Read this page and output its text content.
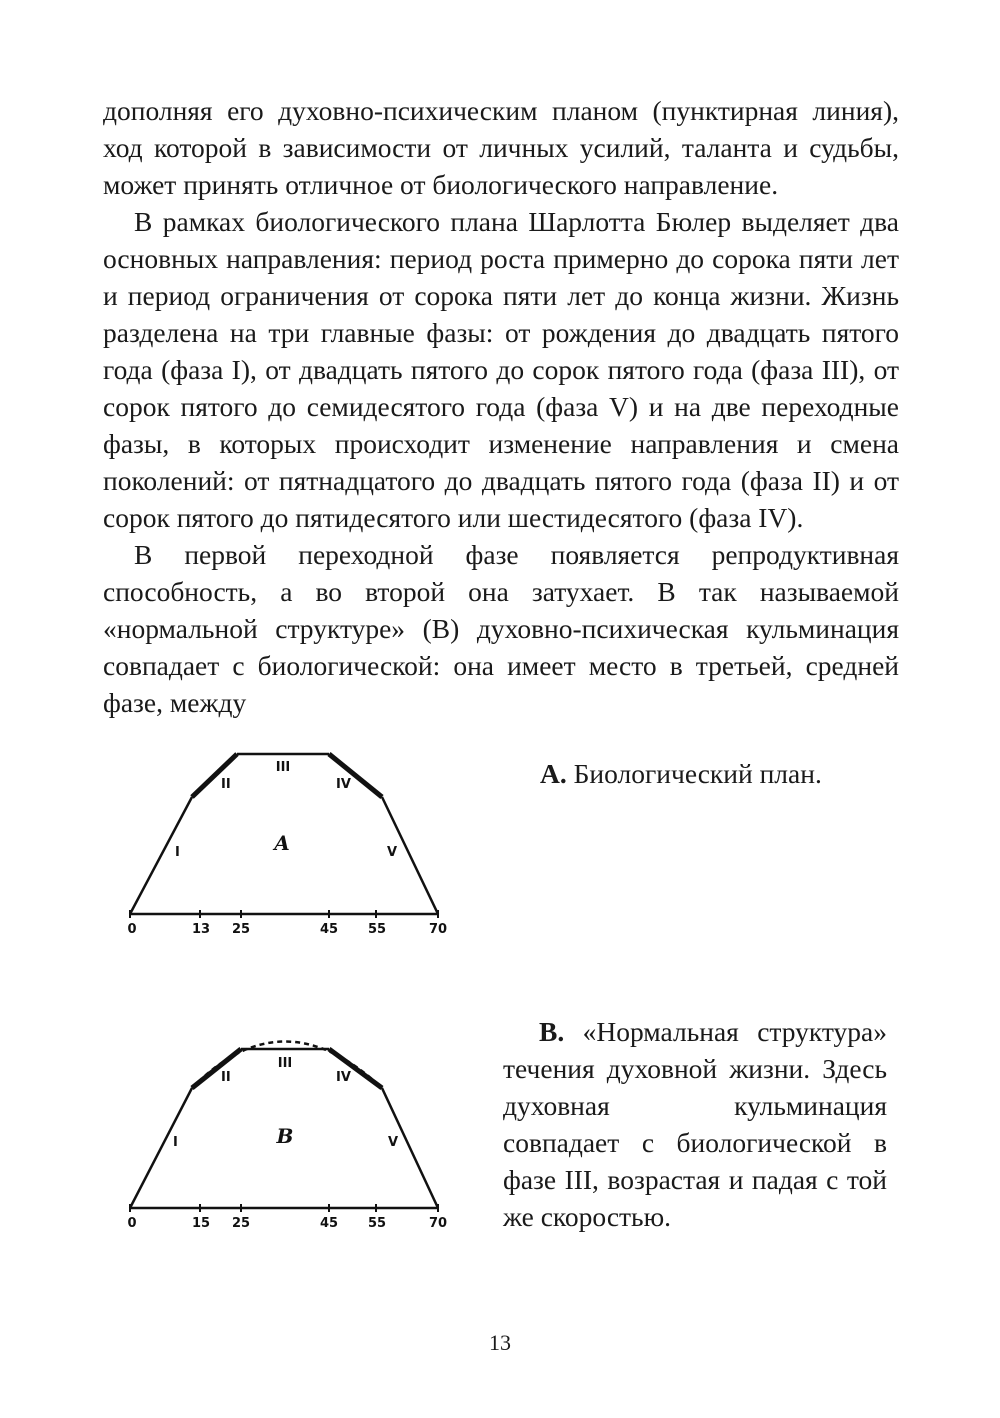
дополняя его духовно-психическим планом (пунктирная линия), ход которой в зависимости от личных усилий, таланта и судьбы, может принять отличное от биологического направление.

В рамках биологического плана Шарлотта Бюлер выделяет два основных направления: период роста примерно до сорока пяти лет и период ограничения от сорока пяти лет до конца жизни. Жизнь разделена на три главные фазы: от рождения до двадцать пятого года (фаза I), от двадцать пятого до сорок пятого года (фаза III), от сорок пятого до семидесятого года (фаза V) и на две переходные фазы, в которых происходит изменение направления и смена поколений: от пятнадцатого до двадцать пятого года (фаза II) и от сорок пятого до пятидесятого или шестидесятого (фаза IV).

В первой переходной фазе появляется репродуктивная способность, а во второй она затухает. В так называемой «нормальной структуре» (В) духовно-психическая кульминация совпадает с биологической: она имеет место в третьей, средней фазе, между

0	13 25	45 55	70
I
II
III
IV
V
A
А. Биологический план.
0	15 25	45 55	70
I
II
III
IV
V
B
В. «Нормальная структура» течения духовной жизни. Здесь духовная кульминация совпадает с биологической в фазе III, возрастая и падая с той же скоростью.
13
